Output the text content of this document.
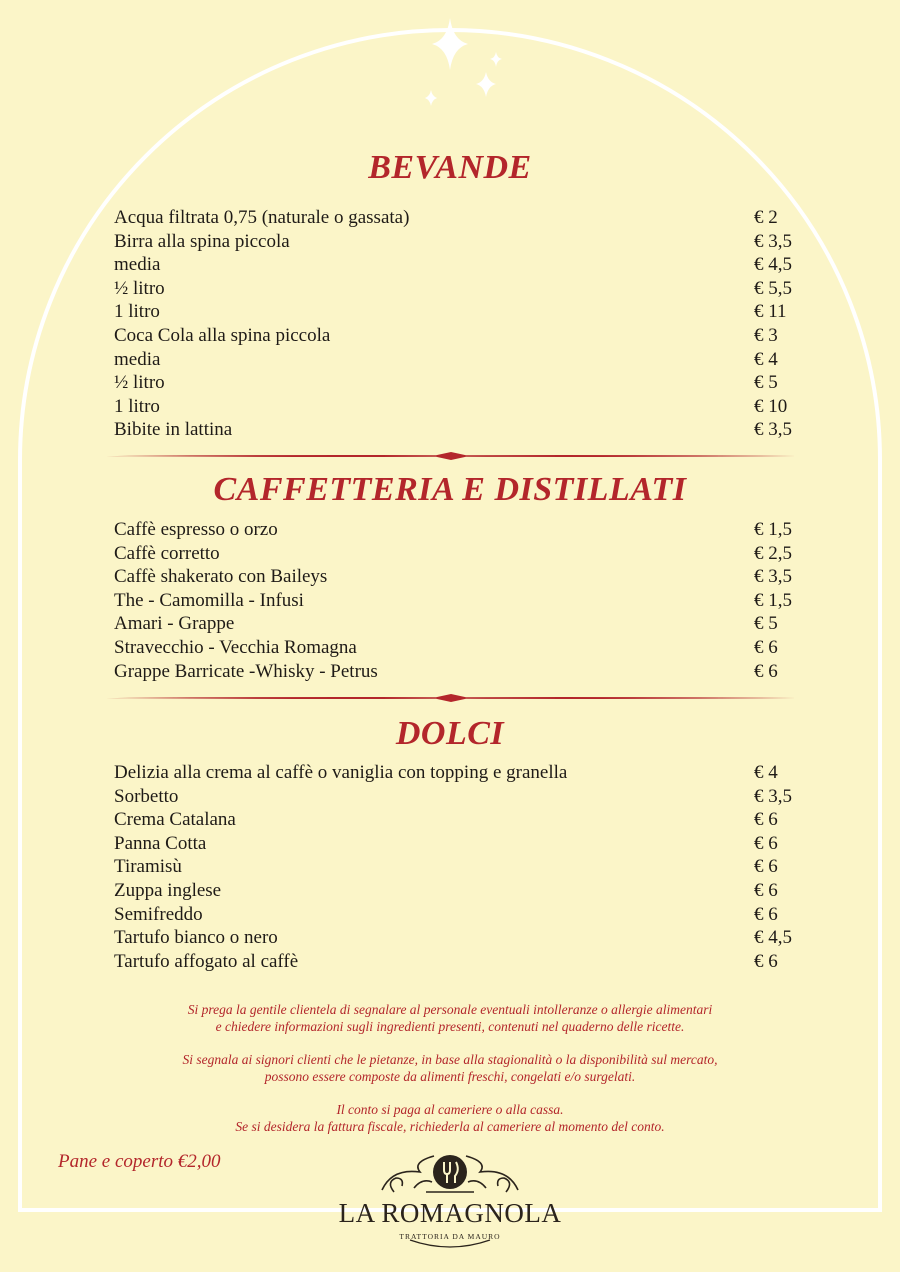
BEVANDE
Acqua filtrata 0,75 (naturale o gassata)	€ 2
Birra alla spina piccola	€ 3,5
media	€ 4,5
½ litro	€ 5,5
1 litro	€ 11
Coca Cola alla spina piccola	€ 3
media	€ 4
½ litro	€ 5
1 litro	€ 10
Bibite in lattina	€ 3,5
CAFFETTERIA E DISTILLATI
Caffè espresso o orzo	€ 1,5
Caffè corretto	€ 2,5
Caffè shakerato con Baileys	€ 3,5
The - Camomilla - Infusi	€ 1,5
Amari - Grappe	€ 5
Stravecchio - Vecchia Romagna	€ 6
Grappe Barricate -Whisky - Petrus	€ 6
DOLCI
Delizia alla crema al caffè o vaniglia con topping e granella	€ 4
Sorbetto	€ 3,5
Crema Catalana	€ 6
Panna Cotta	€ 6
Tiramisù	€ 6
Zuppa inglese	€ 6
Semifreddo	€ 6
Tartufo bianco o nero	€ 4,5
Tartufo affogato al caffè	€ 6
Si prega la gentile clientela di segnalare al personale eventuali intolleranze o allergie alimentari
e chiedere informazioni sugli ingredienti presenti, contenuti nel quaderno delle ricette.
Si segnala ai signori clienti che le pietanze, in base alla stagionalità o la disponibilità sul mercato,
possono essere composte da alimenti freschi, congelati e/o surgelati.
Il conto si paga al cameriere o alla cassa.
Se si desidera la fattura fiscale, richiederla al cameriere al momento del conto.
Pane e coperto €2,00
LA ROMAGNOLA
TRATTORIA DA MAURO
